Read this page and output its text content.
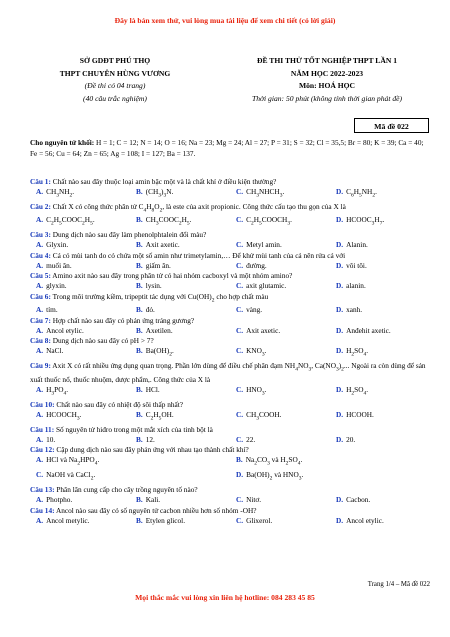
Đây là bản xem thử, vui lòng mua tài liệu để xem chi tiết (có lời giải)
SỞ GDĐT PHÚ THỌ
THPT CHUYÊN HÙNG VƯƠNG
(Đề thi có 04 trang)
(40 câu trắc nghiệm)
ĐỀ THI THỬ TỐT NGHIỆP THPT LẦN 1
NĂM HỌC 2022-2023
Môn: HOÁ HỌC
Thời gian: 50 phút (không tính thời gian phát đề)
Mã đề 022
Cho nguyên tử khối: H = 1; C = 12; N = 14; O = 16; Na = 23; Mg = 24; Al = 27; P = 31; S = 32; Cl = 35,5; Br = 80; K = 39; Ca = 40; Fe = 56; Cu = 64; Zn = 65; Ag = 108; I = 127; Ba = 137.
Câu 1: Chất nào sau đây thuộc loại amin bậc một và là chất khí ở điều kiện thường?
A. $CH_3NH_2$.	B. $(CH_3)_3N$.	C. $CH_3NHCH_3$.	D. $C_6H_5NH_2$.
Câu 2: Chất X có công thức phân tử $C_4H_8O_2$, là este của axit propionic. Công thức cấu tạo thu gọn của X là
A. $C_2H_5COOC_2H_5$.	B. $CH_3COOC_2H_5$.	C. $C_2H_5COOCH_3$.	D. $HCOOC_3H_7$.
Câu 3: Dung dịch nào sau đây làm phenolphtalein đổi màu?
A. Glyxin.	B. Axit axetic.	C. Metyl amin.	D. Alanin.
Câu 4: Cá có mùi tanh do có chứa một số amin như trimetylamin,… Để khử mùi tanh của cá nên rửa cá với
A. muối ăn.	B. giấm ăn.	C. đường.	D. vôi tôi.
Câu 5: Amino axit nào sau đây trong phân tử có hai nhóm cacboxyl và một nhóm amino?
A. glyxin.	B. lysin.	C. axit glutamic.	D. alanin.
Câu 6: Trong môi trường kiềm, tripeptit tác dụng với $Cu(OH)_2$ cho hợp chất màu
A. tím.	B. đỏ.	C. vàng.	D. xanh.
Câu 7: Hợp chất nào sau đây có phản ứng tráng gương?
A. Ancol etylic.	B. Axetilen.	C. Axit axetic.	D. Anđehit axetic.
Câu 8: Dung dịch nào sau đây có pH > 7?
A. NaCl.	B. $Ba(OH)_2$.	C. $KNO_3$.	D. $H_2SO_4$.
Câu 9: Axit X có rất nhiều ứng dụng quan trọng. Phần lớn dùng để điều chế phân đạm $NH_4NO_3$, $Ca(NO_3)_2$... Ngoài ra còn dùng để sản xuất thuốc nổ, thuốc nhuộm, dược phẩm,. Công thức của X là
A. $H_3PO_4$.	B. HCl.	C. $HNO_3$.	D. $H_2SO_4$.
Câu 10: Chất nào sau đây có nhiệt độ sôi thấp nhất?
A. $HCOOCH_3$.	B. $C_2H_5OH$.	C. $CH_3COOH$.	D. HCOOH.
Câu 11: Số nguyên tử hiđro trong một mắt xích của tinh bột là
A. 10.	B. 12.	C. 22.	D. 20.
Câu 12: Cặp dung dịch nào sau đây phản ứng với nhau tạo thành chất khí?
A. HCl và $Na_2HPO_4$.	B. $Na_2CO_3$ và $H_2SO_4$.
C. NaOH và CaCl$_2$.	D. $Ba(OH)_2$ và $HNO_3$.
Câu 13: Phân lân cung cấp cho cây trồng nguyên tố nào?
A. Photpho.	B. Kali.	C. Nitơ.	D. Cacbon.
Câu 14: Ancol nào sau đây có số nguyên tử cacbon nhiều hơn số nhóm -OH?
A. Ancol metylic.	B. Etylen glicol.	C. Glixerol.	D. Ancol etylic.
Trang 1/4 – Mã đề 022
Mọi thắc mắc vui lòng xin liên hệ hotline: 084 283 45 85
